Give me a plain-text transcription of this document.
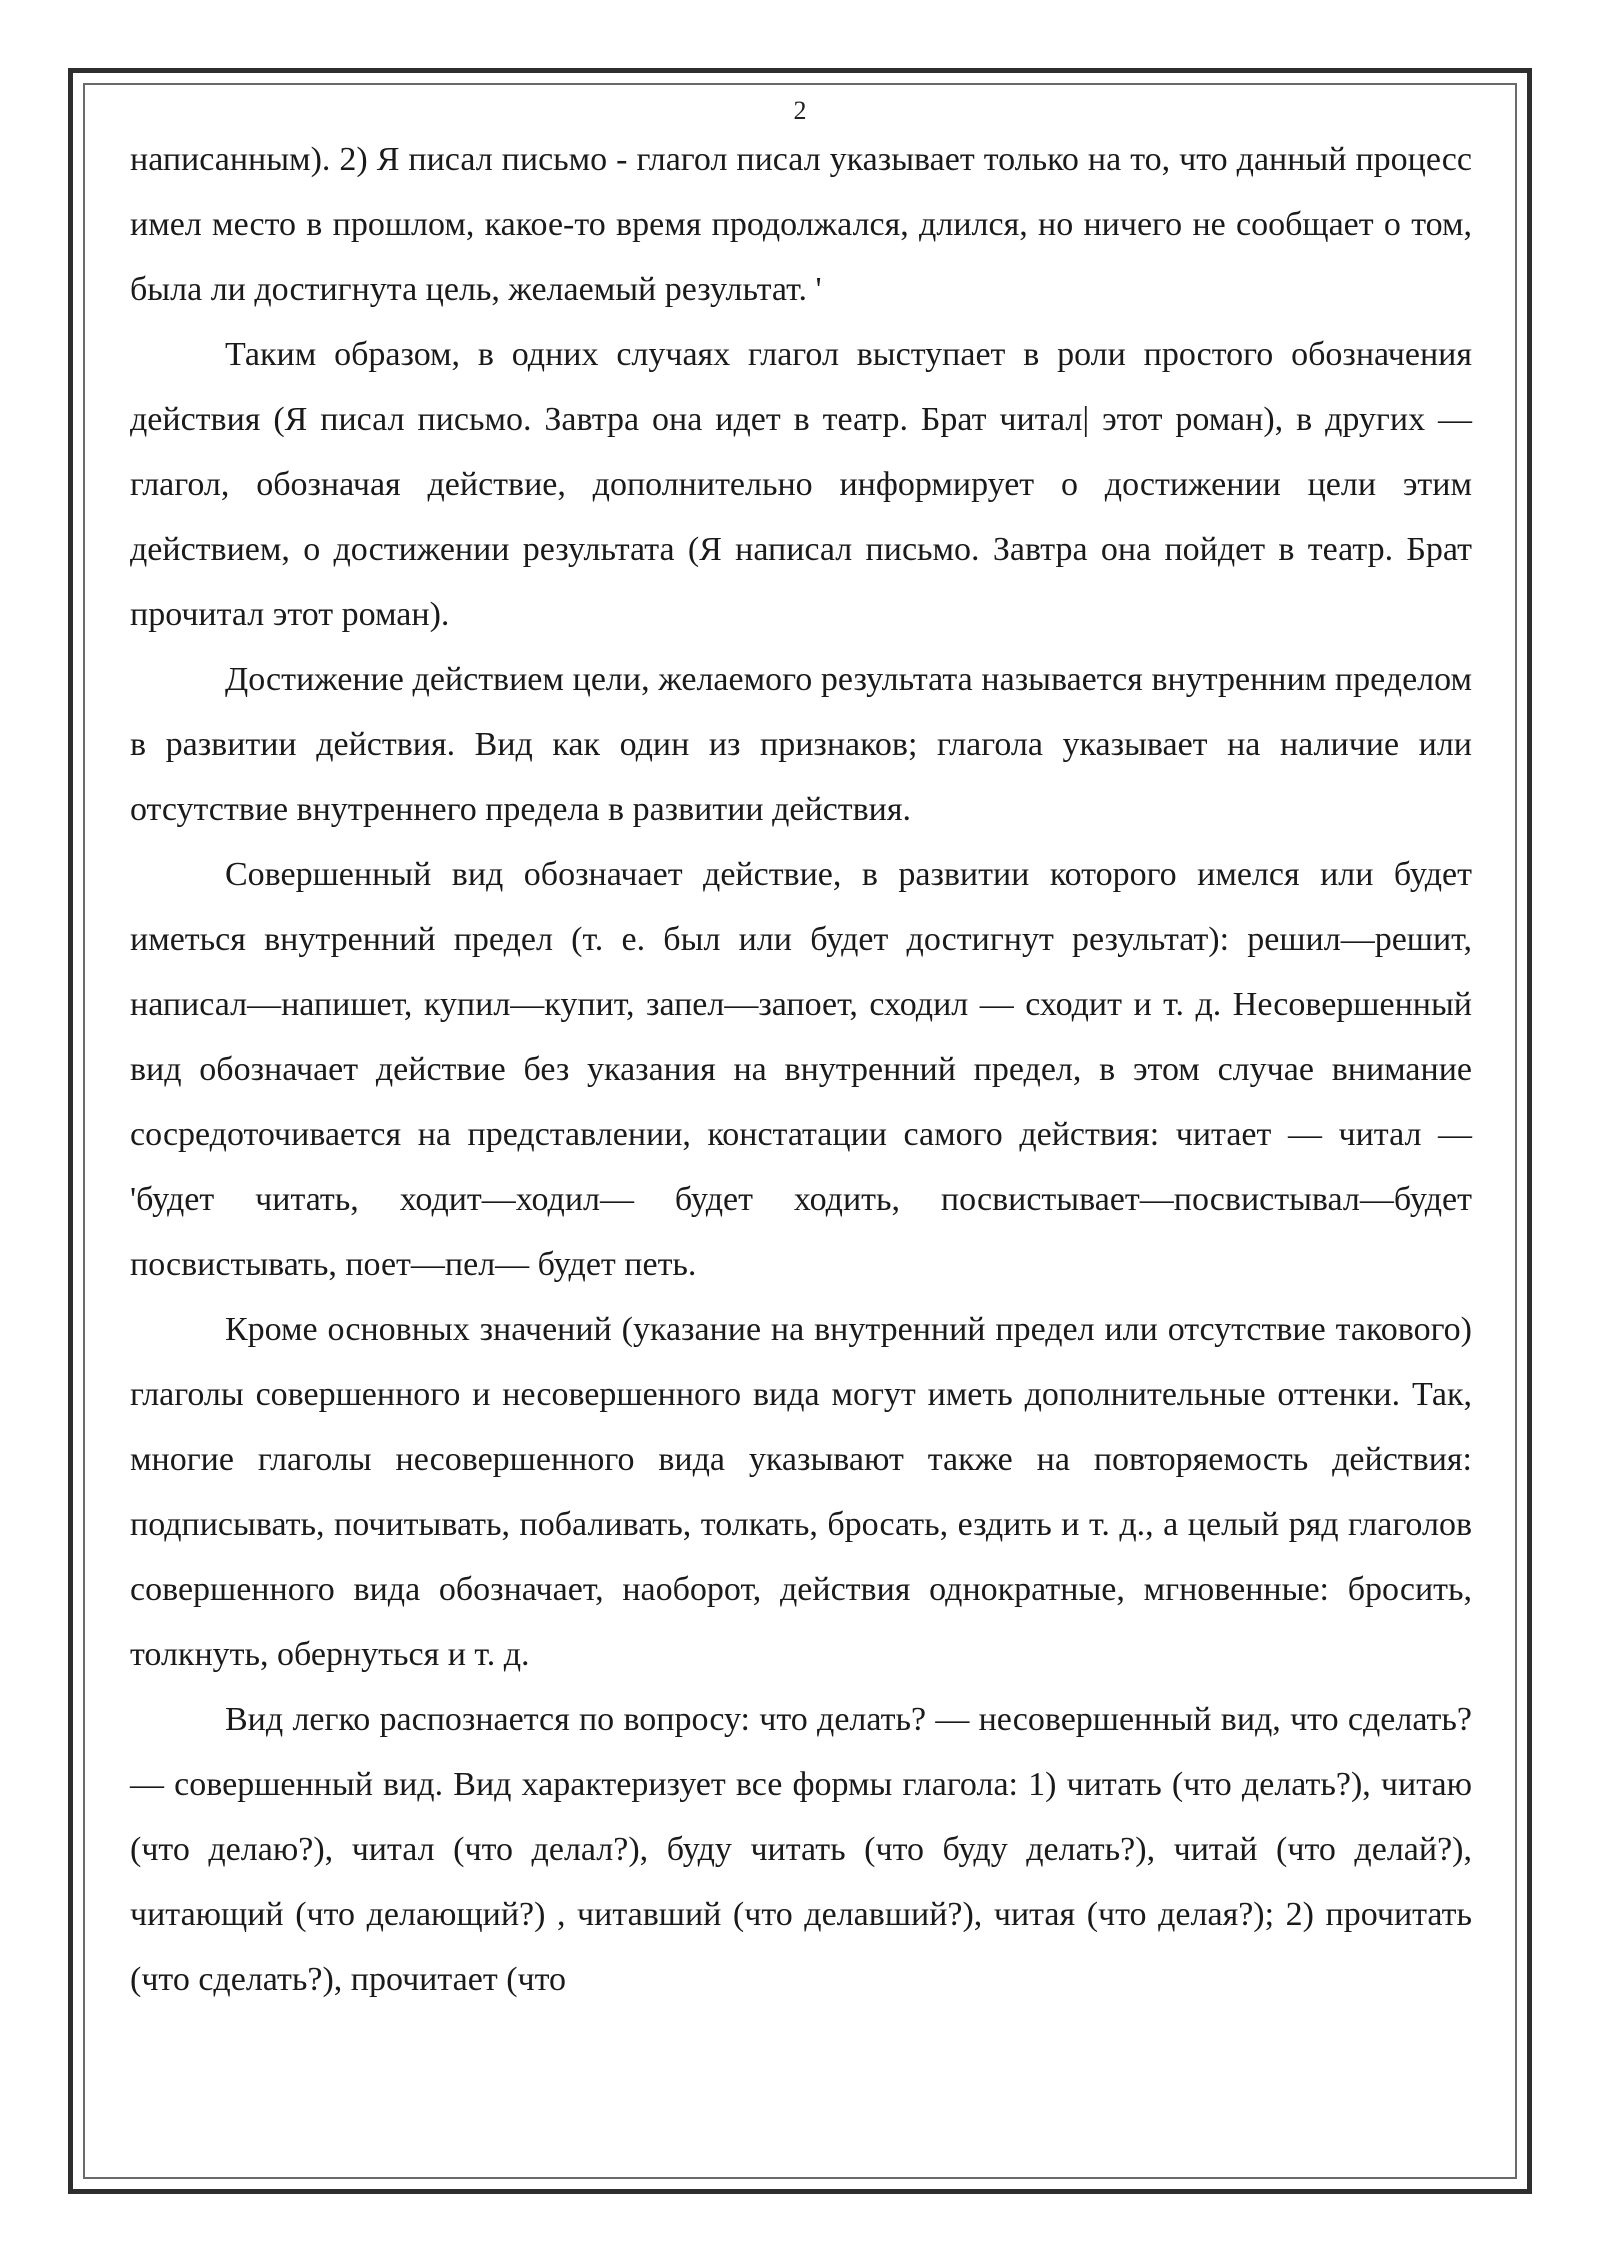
2

написанным). 2) Я писал письмо - глагол писал указывает только на то, что данный процесс имел место в прошлом, какое-то время продолжался, длился, но ничего не сообщает о том, была ли достигнута цель, желаемый результат. '

Таким образом, в одних случаях глагол выступает в роли простого обозначения действия (Я писал письмо. Завтра она идет в театр. Брат читал| этот роман), в других — глагол, обозначая действие, дополнительно информирует о достижении цели этим действием, о достижении результата (Я написал письмо. Завтра она пойдет в театр. Брат прочитал этот роман).

Достижение действием цели, желаемого результата называется внутренним пределом в развитии действия. Вид как один из признаков; глагола указывает на наличие или отсутствие внутреннего предела в развитии действия.

Совершенный вид обозначает действие, в развитии которого имелся или будет иметься внутренний предел (т. е. был или будет достигнут результат): решил—решит, написал—напишет, купил—купит, запел—запоет, сходил — сходит и т. д. Несовершенный вид обозначает действие без указания на внутренний предел, в этом случае внимание сосредоточивается на представлении, констатации самого действия: читает — читал — 'будет читать, ходит—ходил— будет ходить, посвистывает—посвистывал—будет посвистывать, поет—пел— будет петь.

Кроме основных значений (указание на внутренний предел или отсутствие такового) глаголы совершенного и несовершенного вида могут иметь дополнительные оттенки. Так, многие глаголы несовершенного вида указывают также на повторяемость действия: подписывать, почитывать, побаливать, толкать, бросать, ездить и т. д., а целый ряд глаголов совершенного вида обозначает, наоборот, действия однократные, мгновенные: бросить, толкнуть, обернуться и т. д.

Вид легко распознается по вопросу: что делать? — несовершенный вид, что сделать? — совершенный вид. Вид характеризует все формы глагола: 1) читать (что делать?), читаю (что делаю?), читал (что делал?), буду читать (что буду делать?), читай (что делай?), читающий (что делающий?) , читавший (что делавший?), читая (что делая?); 2) прочитать (что сделать?), прочитает (что
